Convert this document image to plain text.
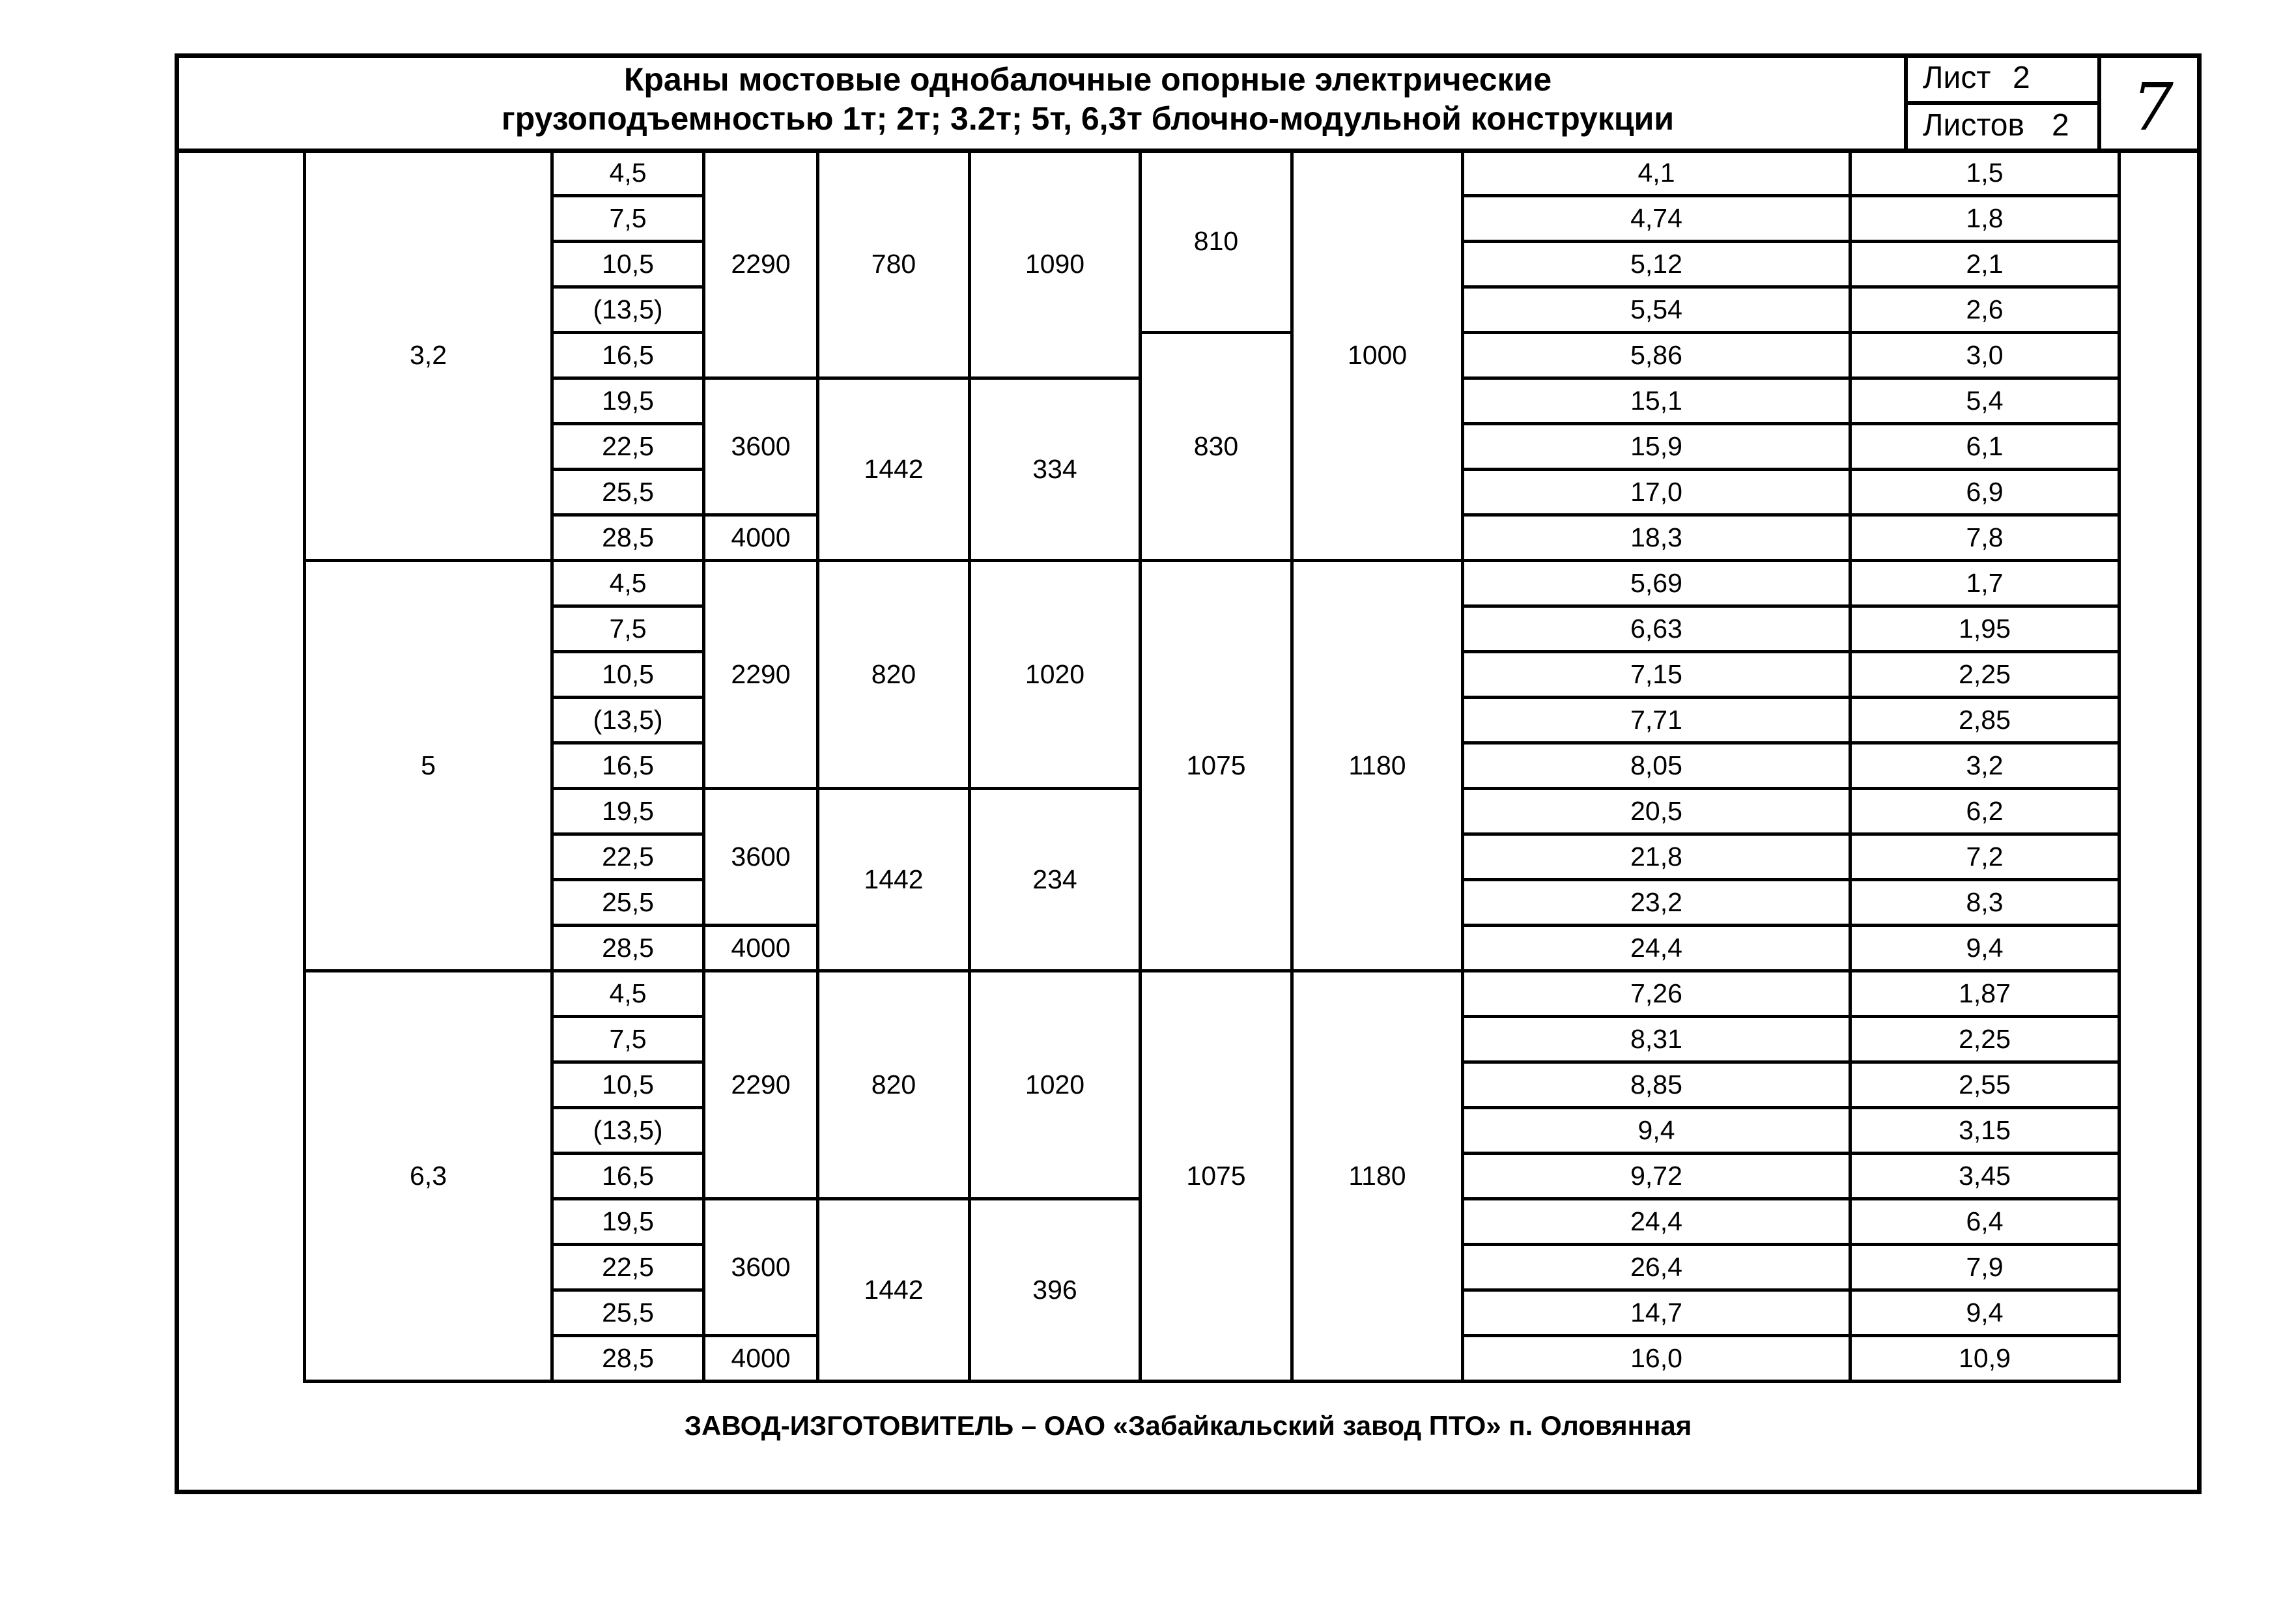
Краны мостовые однобалочные опорные электрические
грузоподъемностью 1т; 2т; 3.2т; 5т, 6,3т блочно-модульной конструкции
Лист 2
Листов 2 7
3,2	4,5	2290	780	1090	810	1000	4,1	1,5
	7,5						4,74	1,8
	10,5						5,12	2,1
	(13,5)						5,54	2,6
	16,5				830		5,86	3,0
	19,5	3600	1442	334			15,1	5,4
	22,5						15,9	6,1
	25,5						17,0	6,9
	28,5	4000					18,3	7,8
5	4,5	2290	820	1020	1075	1180	5,69	1,7
	7,5						6,63	1,95
	10,5						7,15	2,25
	(13,5)						7,71	2,85
	16,5						8,05	3,2
	19,5	3600	1442	234			20,5	6,2
	22,5						21,8	7,2
	25,5						23,2	8,3
	28,5	4000					24,4	9,4
6,3	4,5	2290	820	1020	1075	1180	7,26	1,87
	7,5						8,31	2,25
	10,5						8,85	2,55
	(13,5)						9,4	3,15
	16,5						9,72	3,45
	19,5	3600	1442	396			24,4	6,4
	22,5						26,4	7,9
	25,5						14,7	9,4
	28,5	4000					16,0	10,9
ЗАВОД-ИЗГОТОВИТЕЛЬ – ОАО «Забайкальский завод ПТО» п. Оловянная
